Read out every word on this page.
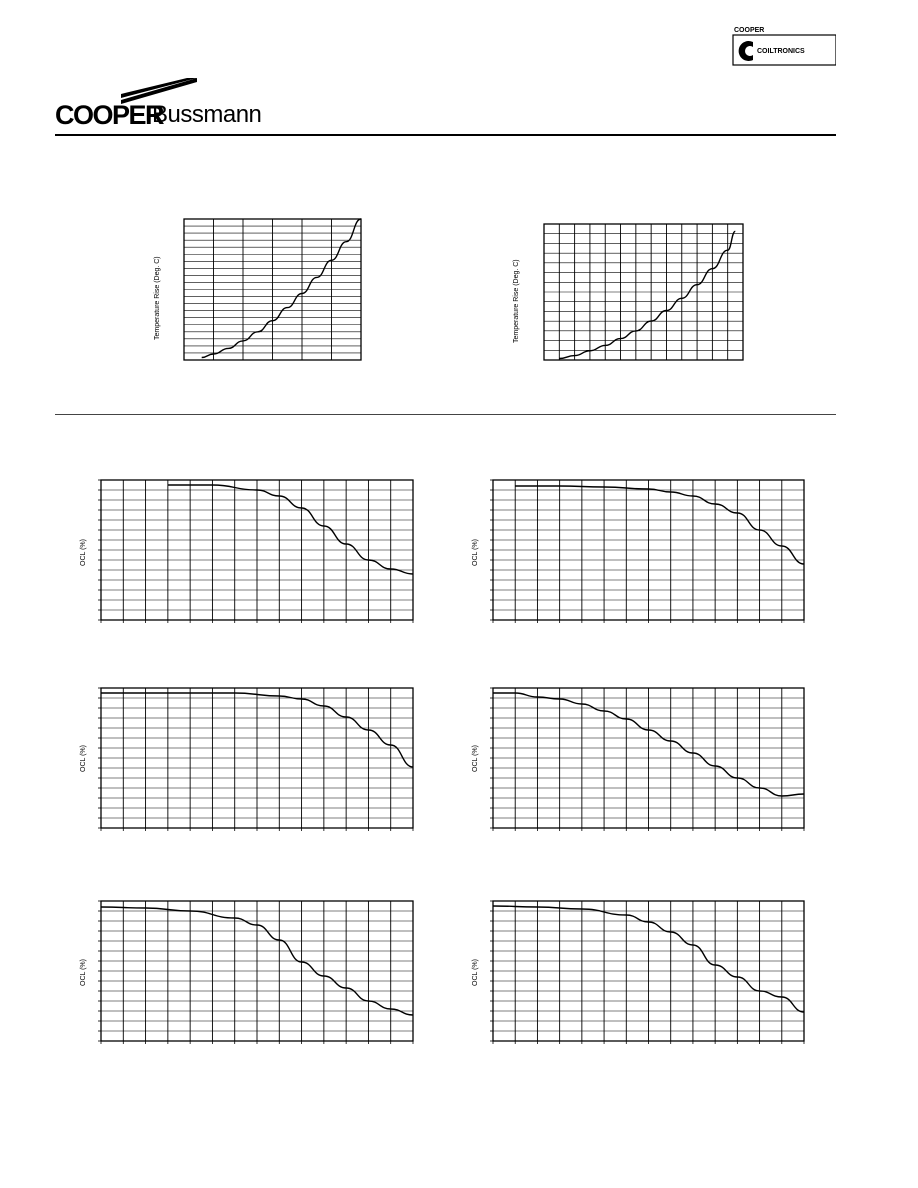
COOPER
Bussmann
COOPER
COILTRONICS
Temperature Rise (Deg. C)	Temperature Rise (Deg. C)
OCL (%)	OCL (%)
OCL (%)	OCL (%)
OCL (%)	OCL (%)
